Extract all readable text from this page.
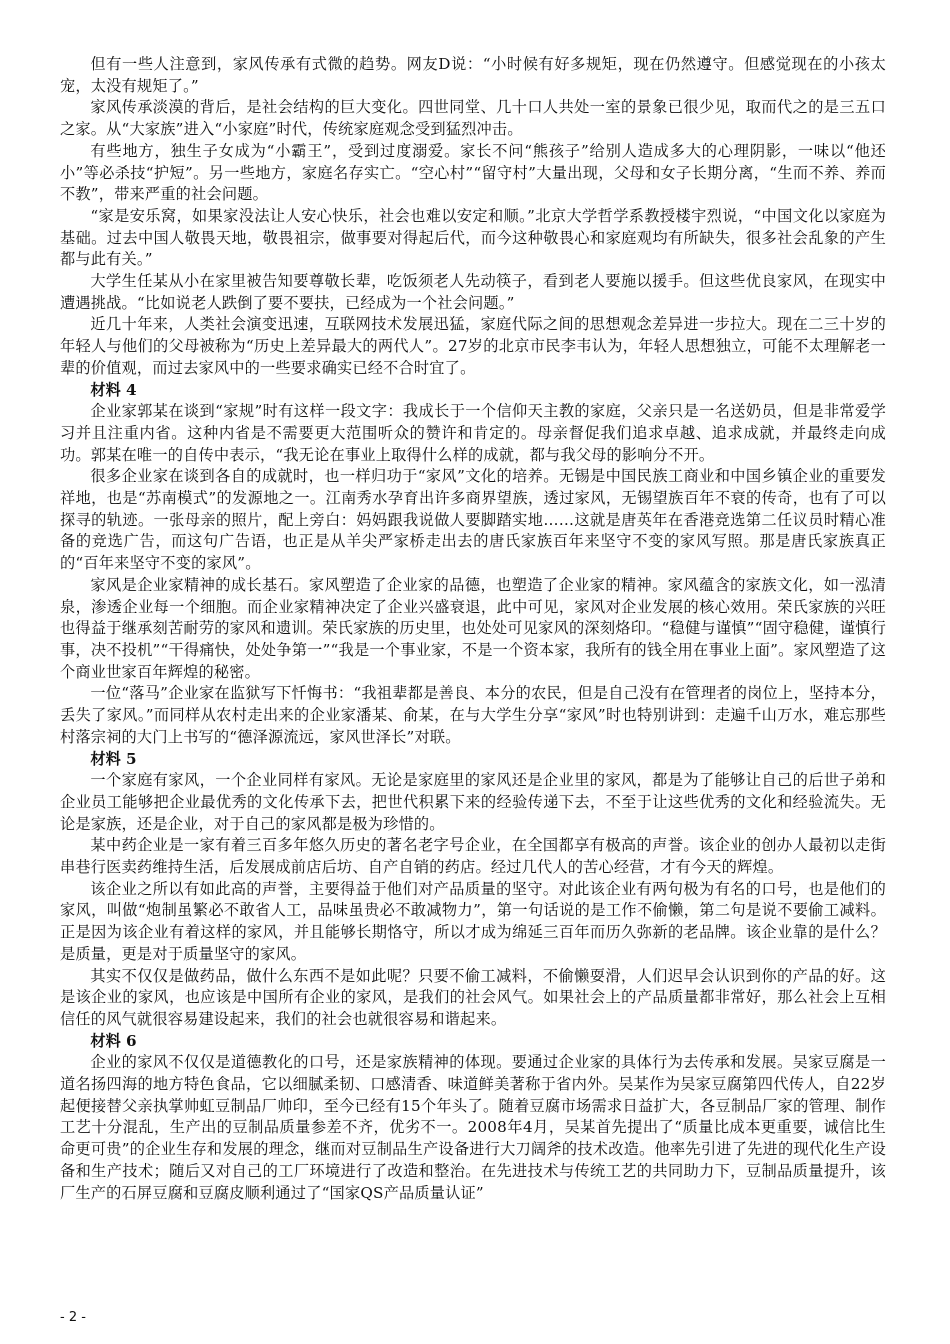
但有一些人注意到，家风传承有式微的趋势。网友D说：“小时候有好多规矩，现在仍然遵守。但感觉现在的小孩太宠，太没有规矩了。”

家风传承淡漠的背后，是社会结构的巨大变化。四世同堂、几十口人共处一室的景象已很少见，取而代之的是三五口之家。从“大家族”进入“小家庭”时代，传统家庭观念受到猛烈冲击。

有些地方，独生子女成为“小霸王”，受到过度溺爱。家长不问“熊孩子”给别人造成多大的心理阴影，一味以“他还小”等必杀技“护短”。另一些地方，家庭名存实亡。“空心村”“留守村”大量出现，父母和女子长期分离，“生而不养、养而不教”，带来严重的社会问题。

“家是安乐窝，如果家没法让人安心快乐，社会也难以安定和顺。”北京大学哲学系教授楼宇烈说，“中国文化以家庭为基础。过去中国人敬畏天地，敬畏祖宗，做事要对得起后代，而今这种敬畏心和家庭观均有所缺失，很多社会乱象的产生都与此有关。”

大学生任某从小在家里被告知要尊敬长辈，吃饭须老人先动筷子，看到老人要施以援手。但这些优良家风，在现实中遭遇挑战。“比如说老人跌倒了要不要扶，已经成为一个社会问题。”

近几十年来，人类社会演变迅速，互联网技术发展迅猛，家庭代际之间的思想观念差异进一步拉大。现在二三十岁的年轻人与他们的父母被称为“历史上差异最大的两代人”。27岁的北京市民李韦认为，年轻人思想独立，可能不太理解老一辈的价值观，而过去家风中的一些要求确实已经不合时宜了。

材料 4

企业家郭某在谈到“家规”时有这样一段文字：我成长于一个信仰天主教的家庭，父亲只是一名送奶员，但是非常爱学习并且注重内省。这种内省是不需要更大范围听众的赞许和肯定的。母亲督促我们追求卓越、追求成就，并最终走向成功。郭某在唯一的自传中表示，“我无论在事业上取得什么样的成就，都与我父母的影响分不开。

很多企业家在谈到各自的成就时，也一样归功于“家风”文化的培养。无锡是中国民族工商业和中国乡镇企业的重要发祥地，也是“苏南模式”的发源地之一。江南秀水孕育出许多商界望族，透过家风，无锡望族百年不衰的传奇，也有了可以探寻的轨迹。一张母亲的照片，配上旁白：妈妈跟我说做人要脚踏实地……这就是唐英年在香港竞选第二任议员时精心准备的竞选广告，而这句广告语，也正是从羊尖严家桥走出去的唐氏家族百年来坚守不变的家风写照。那是唐氏家族真正的“百年来坚守不变的家风”。

家风是企业家精神的成长基石。家风塑造了企业家的品德，也塑造了企业家的精神。家风蕴含的家族文化，如一泓清泉，渗透企业每一个细胞。而企业家精神决定了企业兴盛衰退，此中可见，家风对企业发展的核心效用。荣氏家族的兴旺也得益于继承刻苦耐劳的家风和遗训。荣氏家族的历史里，也处处可见家风的深刻烙印。“稳健与谨慎”“固守稳健，谨慎行事，决不投机”“干得痛快，处处争第一”“我是一个事业家，不是一个资本家，我所有的钱全用在事业上面”。家风塑造了这个商业世家百年辉煌的秘密。

一位“落马”企业家在监狱写下忏悔书：“我祖辈都是善良、本分的农民，但是自己没有在管理者的岗位上，坚持本分，丢失了家风。”而同样从农村走出来的企业家潘某、俞某，在与大学生分享“家风”时也特别讲到：走遍千山万水，难忘那些村落宗祠的大门上书写的“德泽源流远，家风世泽长”对联。

材料 5

一个家庭有家风，一个企业同样有家风。无论是家庭里的家风还是企业里的家风，都是为了能够让自己的后世子弟和企业员工能够把企业最优秀的文化传承下去，把世代积累下来的经验传递下去，不至于让这些优秀的文化和经验流失。无论是家族，还是企业，对于自己的家风都是极为珍惜的。

某中药企业是一家有着三百多年悠久历史的著名老字号企业，在全国都享有极高的声誉。该企业的创办人最初以走街串巷行医卖药维持生活，后发展成前店后坊、自产自销的药店。经过几代人的苦心经营，才有今天的辉煌。

该企业之所以有如此高的声誉，主要得益于他们对产品质量的坚守。对此该企业有两句极为有名的口号，也是他们的家风，叫做“炮制虽繁必不敢省人工，品味虽贵必不敢减物力”，第一句话说的是工作不偷懒，第二句是说不要偷工减料。正是因为该企业有着这样的家风，并且能够长期恪守，所以才成为绵延三百年而历久弥新的老品牌。该企业靠的是什么？是质量，更是对于质量坚守的家风。

其实不仅仅是做药品，做什么东西不是如此呢？只要不偷工减料，不偷懒耍滑，人们迟早会认识到你的产品的好。这是该企业的家风，也应该是中国所有企业的家风，是我们的社会风气。如果社会上的产品质量都非常好，那么社会上互相信任的风气就很容易建设起来，我们的社会也就很容易和谐起来。

材料 6

企业的家风不仅仅是道德教化的口号，还是家族精神的体现。要通过企业家的具体行为去传承和发展。吴家豆腐是一道名扬四海的地方特色食品，它以细腻柔韧、口感清香、味道鲜美著称于省内外。吴某作为吴家豆腐第四代传人，自22岁起便接替父亲执掌帅虹豆制品厂帅印，至今已经有15个年头了。随着豆腐市场需求日益扩大，各豆制品厂家的管理、制作工艺十分混乱，生产出的豆制品质量参差不齐，优劣不一。2008年4月，吴某首先提出了“质量比成本更重要，诚信比生命更可贵”的企业生存和发展的理念，继而对豆制品生产设备进行大刀阔斧的技术改造。他率先引进了先进的现代化生产设备和生产技术；随后又对自己的工厂环境进行了改造和整治。在先进技术与传统工艺的共同助力下，豆制品质量提升，该厂生产的石屏豆腐和豆腐皮顺利通过了“国家QS产品质量认证”

- 2 -
